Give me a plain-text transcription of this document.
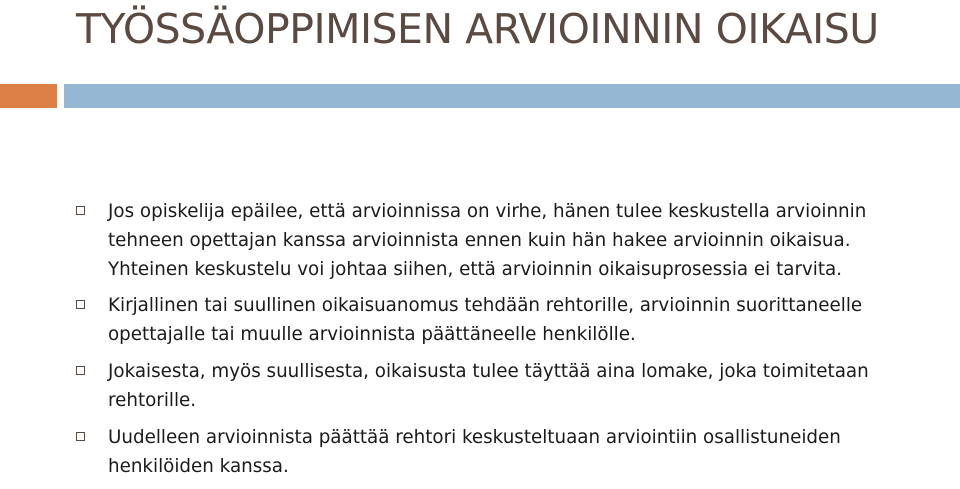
TYÖSSÄOPPIMISEN ARVIOINNIN OIKAISU
Jos opiskelija epäilee, että arvioinnissa on virhe, hänen tulee keskustella arvioinnin tehneen opettajan kanssa arvioinnista ennen kuin hän hakee arvioinnin oikaisua. Yhteinen keskustelu voi johtaa siihen, että arvioinnin oikaisuprosessia ei tarvita.
Kirjallinen tai suullinen oikaisuanomus tehdään rehtorille, arvioinnin suorittaneelle opettajalle tai muulle arvioinnista päättäneelle henkilölle.
Jokaisesta, myös suullisesta, oikaisusta tulee täyttää aina lomake, joka toimitetaan rehtorille.
Uudelleen arvioinnista päättää rehtori keskusteltuaan arviointiin osallistuneiden henkilöiden kanssa.
